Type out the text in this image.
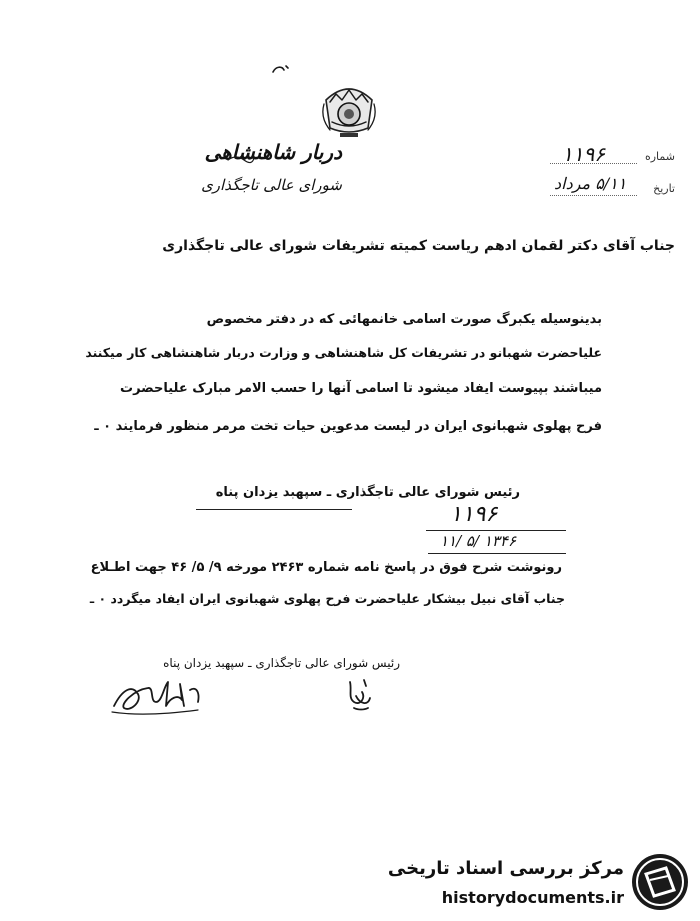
دربار شاهنشاهی
شورای عالی تاجگذاری
شماره
۱۱۹۶
تاریخ
۵/۱۱ مرداد
جناب آقای دکتر لقمان ادهم ریاست کمیته تشریفات شورای عالی تاجگذاری
بدینوسیله یکبرگ صورت اسامی خانمهائی که در دفتر مخصوص
علیاحضرت شهبانو در تشریفات کل شاهنشاهی و وزارت دربار شاهنشاهی کار میکنند
میباشند بپیوست ایفاد میشود تا اسامی آنها را حسب الامر مبارک علیاحضرت
فرح پهلوی شهبانوی ایران در لیست مدعوین حیات تخت مرمر منظور فرمایند ۰ ـ
رئیس شورای عالی تاجگذاری ـ سپهبد یزدان پناه
۱۱۹۶
۱۱/ ۵/ ۱۳۴۶
رونوشت شرح فوق در پاسخ نامه شماره ۲۴۶۳ مورخه ۹/ ۵/ ۴۶ جهت اطـلاع
جناب آقای نبیل بیشکار علیاحضرت فرح پهلوی شهبانوی ایران ایفاد میگردد ۰ ـ
رئیس شورای عالی تاجگذاری ـ سپهبد یزدان پناه
مرکز بررسی اسناد تاریخی
historydocuments.ir
